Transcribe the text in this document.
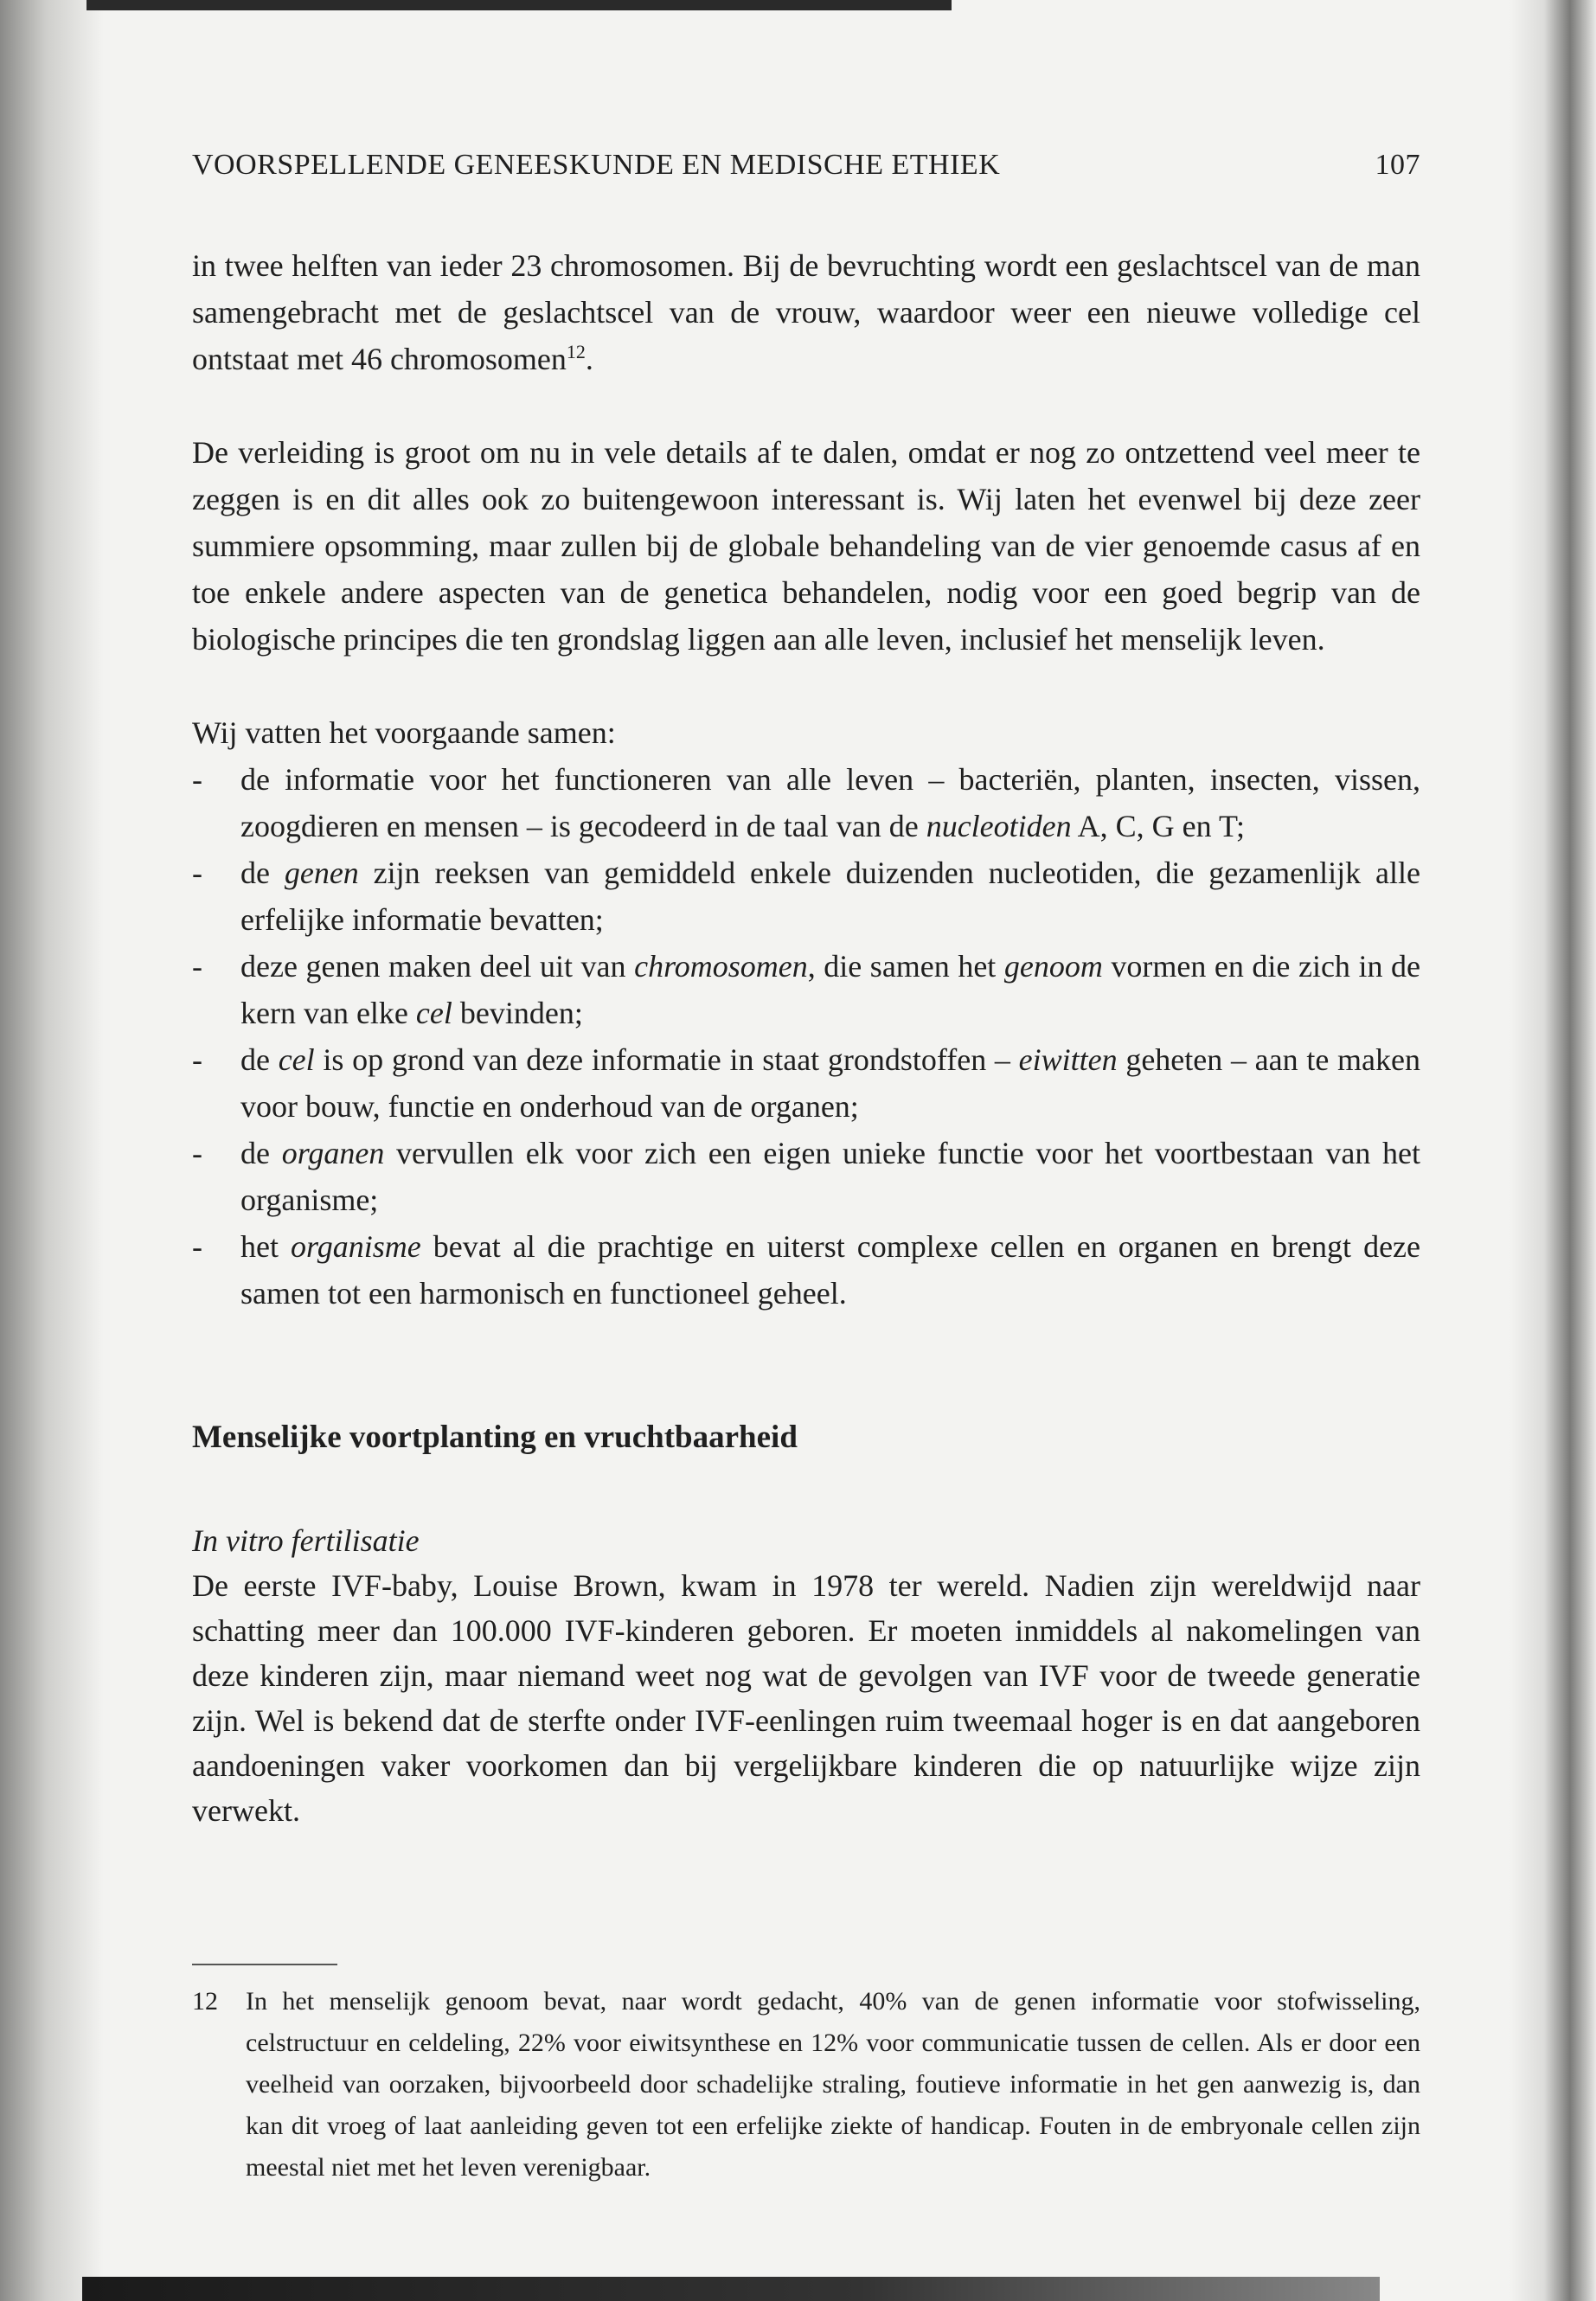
VOORSPELLENDE GENEESKUNDE EN MEDISCHE ETHIEK	107

in twee helften van ieder 23 chromosomen. Bij de bevruchting wordt een geslachtscel van de man samengebracht met de geslachtscel van de vrouw, waardoor weer een nieuwe volledige cel ontstaat met 46 chromosomen$^{12}$.

De verleiding is groot om nu in vele details af te dalen, omdat er nog zo ontzettend veel meer te zeggen is en dit alles ook zo buitengewoon interessant is. Wij laten het evenwel bij deze zeer summiere opsomming, maar zullen bij de globale behandeling van de vier genoemde casus af en toe enkele andere aspecten van de genetica behandelen, nodig voor een goed begrip van de biologische principes die ten grondslag liggen aan alle leven, inclusief het menselijk leven.

Wij vatten het voorgaande samen:

- de informatie voor het functioneren van alle leven – bacteriën, planten, insecten, vissen, zoogdieren en mensen – is gecodeerd in de taal van de nucleotiden A, C, G en T;
- de genen zijn reeksen van gemiddeld enkele duizenden nucleotiden, die gezamenlijk alle erfelijke informatie bevatten;
- deze genen maken deel uit van chromosomen, die samen het genoom vormen en die zich in de kern van elke cel bevinden;
- de cel is op grond van deze informatie in staat grondstoffen – eiwitten geheten – aan te maken voor bouw, functie en onderhoud van de organen;
- de organen vervullen elk voor zich een eigen unieke functie voor het voortbestaan van het organisme;
- het organisme bevat al die prachtige en uiterst complexe cellen en organen en brengt deze samen tot een harmonisch en functioneel geheel.
Menselijke voortplanting en vruchtbaarheid

In vitro fertilisatie

De eerste IVF-baby, Louise Brown, kwam in 1978 ter wereld. Nadien zijn wereldwijd naar schatting meer dan 100.000 IVF-kinderen geboren. Er moeten inmiddels al nakomelingen van deze kinderen zijn, maar niemand weet nog wat de gevolgen van IVF voor de tweede generatie zijn. Wel is bekend dat de sterfte onder IVF-eenlingen ruim tweemaal hoger is en dat aangeboren aandoeningen vaker voorkomen dan bij vergelijkbare kinderen die op natuurlijke wijze zijn verwekt.

12	In het menselijk genoom bevat, naar wordt gedacht, 40% van de genen informatie voor stofwisseling, celstructuur en celdeling, 22% voor eiwitsynthese en 12% voor communicatie tussen de cellen. Als er door een veelheid van oorzaken, bijvoorbeeld door schadelijke straling, foutieve informatie in het gen aanwezig is, dan kan dit vroeg of laat aanleiding geven tot een erfelijke ziekte of handicap. Fouten in de embryonale cellen zijn meestal niet met het leven verenigbaar.
